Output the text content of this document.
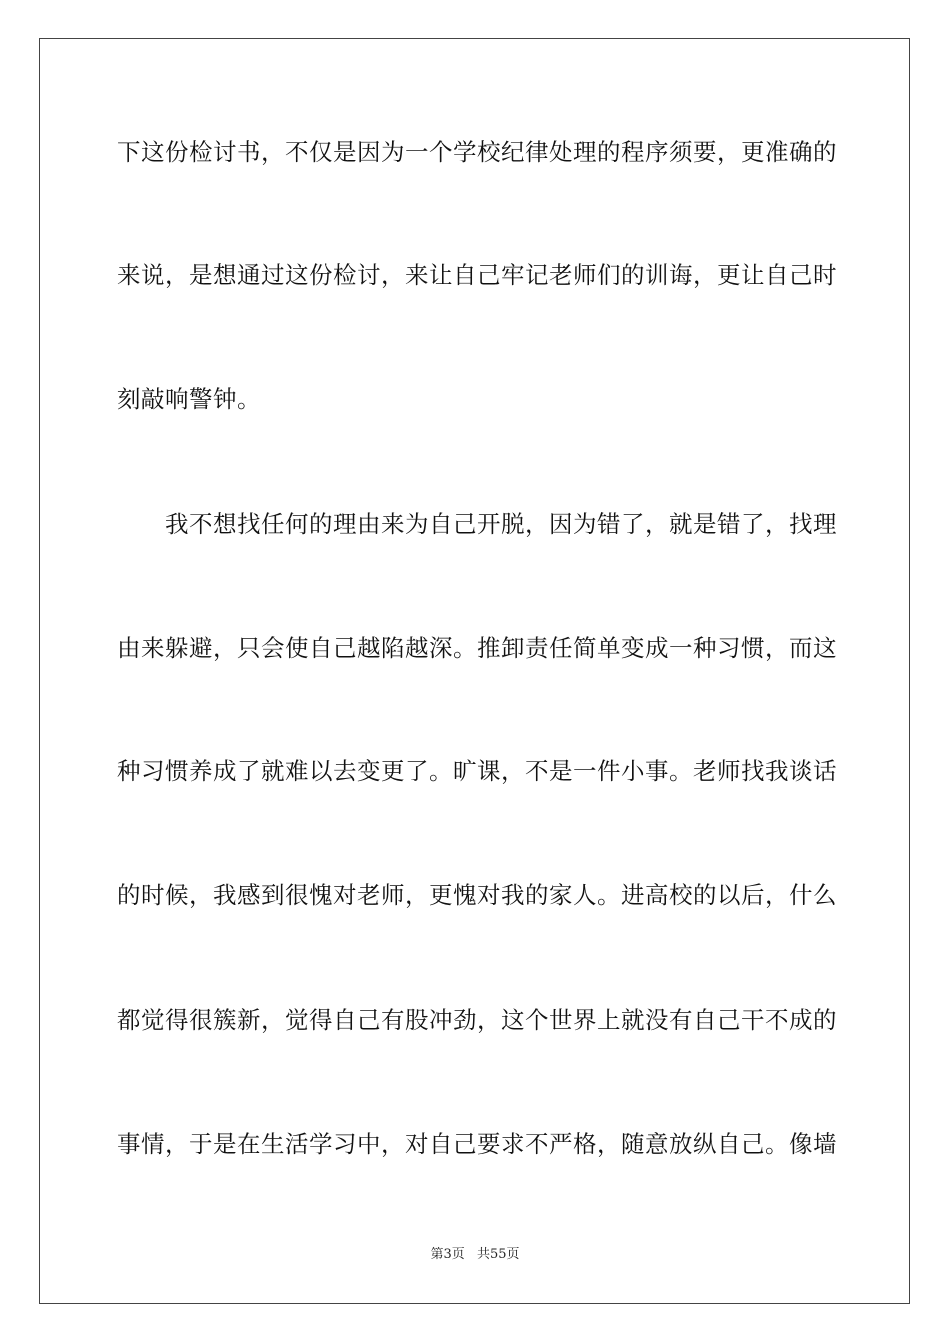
下这份检讨书，不仅是因为一个学校纪律处理的程序须要，更准确的
来说，是想通过这份检讨，来让自己牢记老师们的训诲，更让自己时
刻敲响警钟。
我不想找任何的理由来为自己开脱，因为错了，就是错了，找理
由来躲避，只会使自己越陷越深。推卸责任简单变成一种习惯，而这
种习惯养成了就难以去变更了。旷课，不是一件小事。老师找我谈话
的时候，我感到很愧对老师，更愧对我的家人。进高校的以后，什么
都觉得很簇新，觉得自己有股冲劲，这个世界上就没有自己干不成的
事情，于是在生活学习中，对自己要求不严格，随意放纵自己。像墙
第3页 共55页
